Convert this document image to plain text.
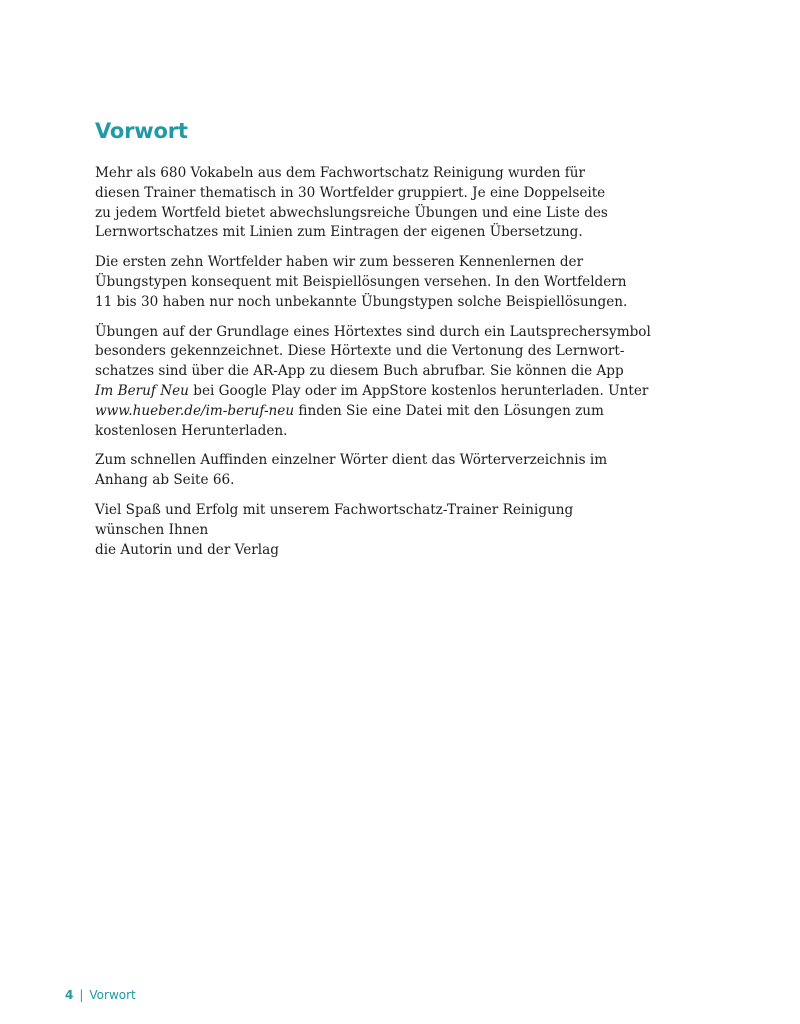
Vorwort

Mehr als 680 Vokabeln aus dem Fachwortschatz Reinigung wurden für
diesen Trainer thematisch in 30 Wortfelder gruppiert. Je eine Doppelseite
zu jedem Wortfeld bietet abwechslungsreiche Übungen und eine Liste des
Lernwortschatzes mit Linien zum Eintragen der eigenen Übersetzung.

Die ersten zehn Wortfelder haben wir zum besseren Kennenlernen der
Übungstypen konsequent mit Beispiellösungen versehen. In den Wortfeldern
11 bis 30 haben nur noch unbekannte Übungstypen solche Beispiellösungen.

Übungen auf der Grundlage eines Hörtextes sind durch ein Lautsprechersymbol
besonders gekennzeichnet. Diese Hörtexte und die Vertonung des Lernwort-
schatzes sind über die AR-App zu diesem Buch abrufbar. Sie können die App
Im Beruf Neu bei Google Play oder im AppStore kostenlos herunterladen. Unter
www.hueber.de/im-beruf-neu finden Sie eine Datei mit den Lösungen zum
kostenlosen Herunterladen.

Zum schnellen Auffinden einzelner Wörter dient das Wörterverzeichnis im
Anhang ab Seite 66.

Viel Spaß und Erfolg mit unserem Fachwortschatz-Trainer Reinigung
wünschen Ihnen
die Autorin und der Verlag

4 | Vorwort
